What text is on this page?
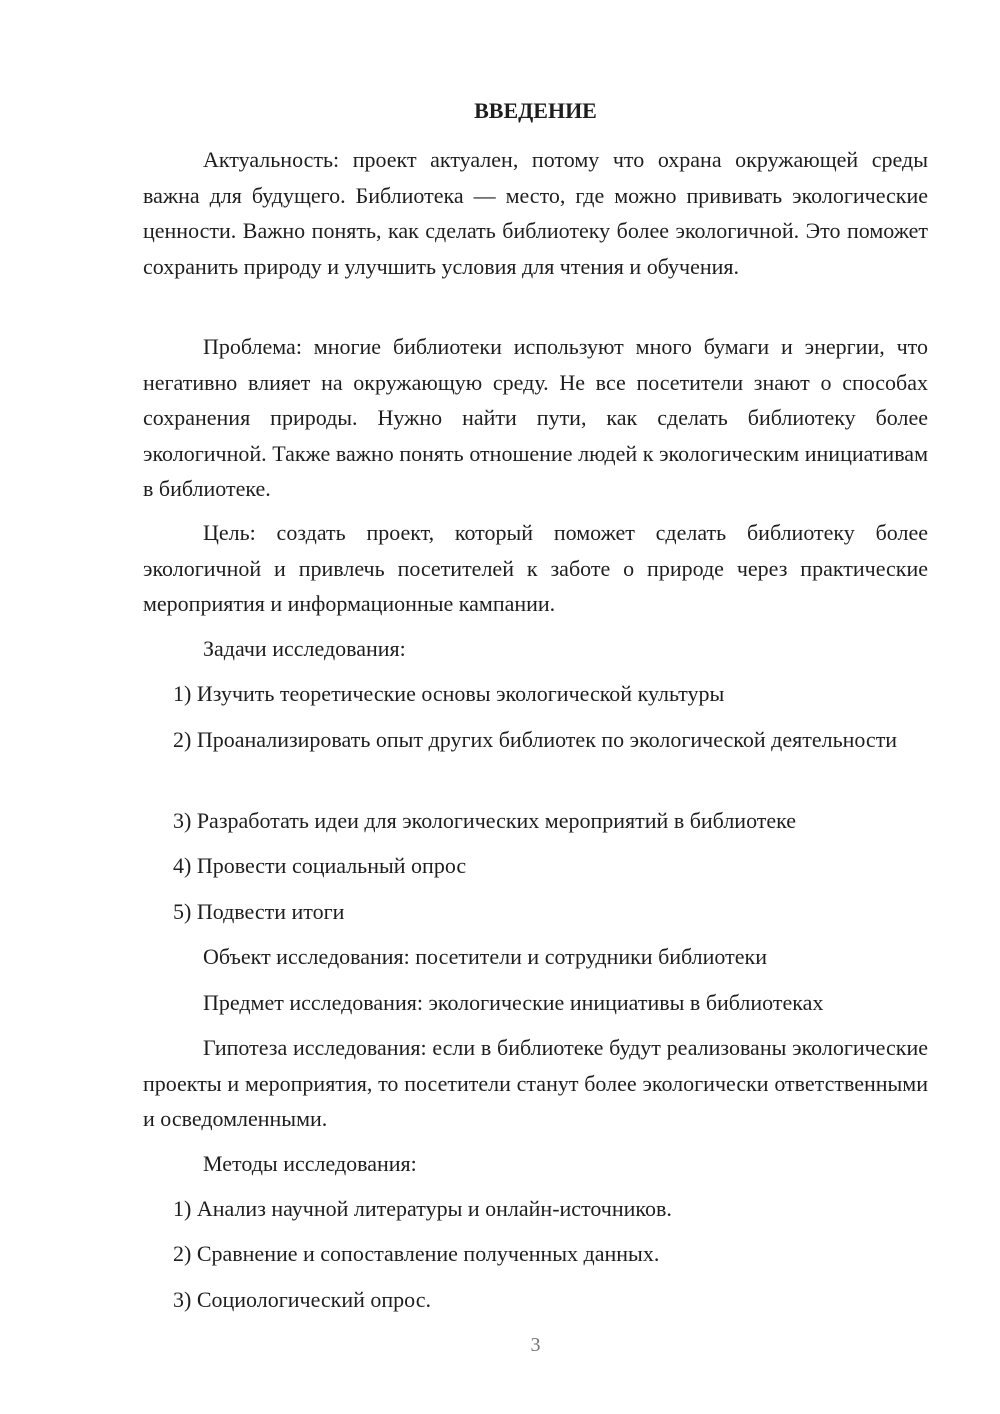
ВВЕДЕНИЕ

Актуальность: проект актуален, потому что охрана окружающей среды важна для будущего. Библиотека — место, где можно прививать экологические ценности. Важно понять, как сделать библиотеку более экологичной. Это поможет сохранить природу и улучшить условия для чтения и обучения.

Проблема: многие библиотеки используют много бумаги и энергии, что негативно влияет на окружающую среду. Не все посетители знают о способах сохранения природы. Нужно найти пути, как сделать библиотеку более экологичной. Также важно понять отношение людей к экологическим инициативам в библиотеке.

Цель: создать проект, который поможет сделать библиотеку более экологичной и привлечь посетителей к заботе о природе через практические мероприятия и информационные кампании.

Задачи исследования:

1) Изучить теоретические основы экологической культуры

2) Проанализировать опыт других библиотек по экологической деятельности

3) Разработать идеи для экологических мероприятий в библиотеке

4) Провести социальный опрос

5) Подвести итоги

Объект исследования: посетители и сотрудники библиотеки

Предмет исследования: экологические инициативы в библиотеках

Гипотеза исследования: если в библиотеке будут реализованы экологические проекты и мероприятия, то посетители станут более экологически ответственными и осведомленными.

Методы исследования:

1) Анализ научной литературы и онлайн-источников.

2) Сравнение и сопоставление полученных данных.

3) Социологический опрос.

3
